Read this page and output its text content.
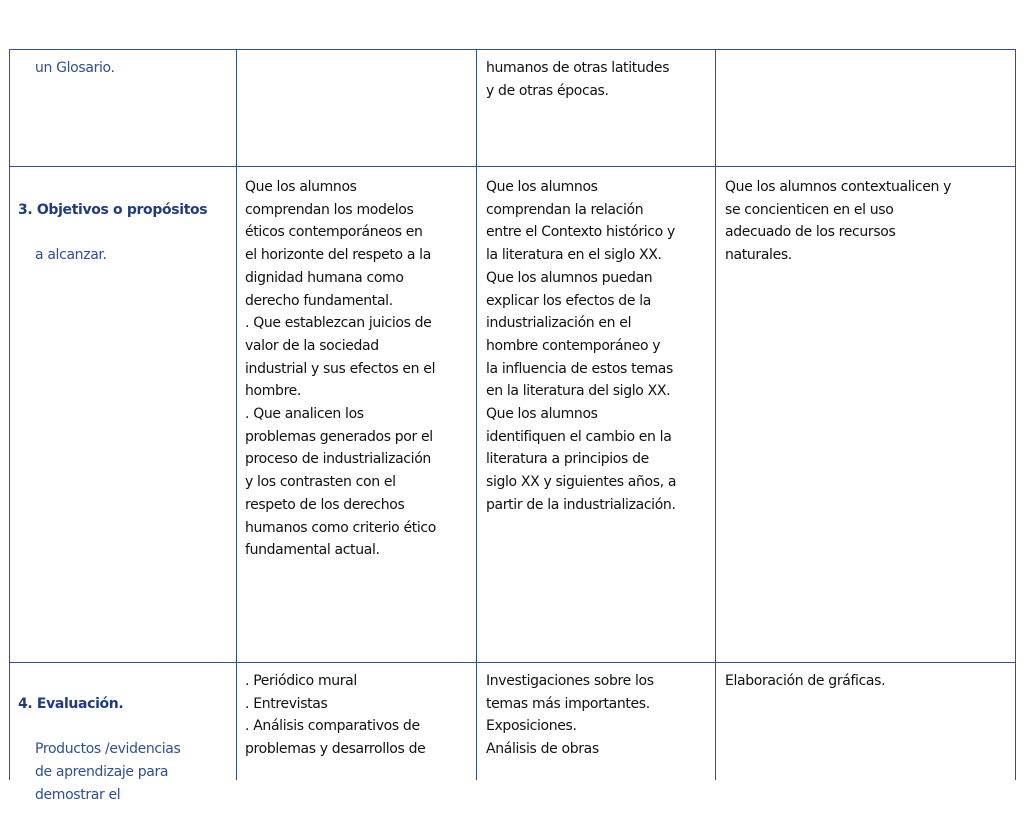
un Glosario.	humanos de otras latitudes
y de otras épocas.

3. Objetivos o propósitos

a alcanzar.

Que los alumnos
comprendan los modelos
éticos contemporáneos en
el horizonte del respeto a la
dignidad humana como
derecho fundamental.
. Que establezcan juicios de
valor de la sociedad
industrial y sus efectos en el
hombre.
. Que analicen los
problemas generados por el
proceso de industrialización
y los contrasten con el
respeto de los derechos
humanos como criterio ético
fundamental actual.
Que los alumnos
comprendan la relación
entre el Contexto histórico y
la literatura en el siglo XX.
Que los alumnos puedan
explicar los efectos de la
industrialización en el
hombre contemporáneo y
la influencia de estos temas
en la literatura del siglo XX.
Que los alumnos
identifiquen el cambio en la
literatura a principios de
siglo XX y siguientes años, a
partir de la industrialización.
Que los alumnos contextualicen y
se concienticen en el uso
adecuado de los recursos
naturales.

4. Evaluación.

Productos /evidencias
de aprendizaje para
demostrar el

. Periódico mural
. Entrevistas
. Análisis comparativos de
problemas y desarrollos de
Investigaciones sobre los
temas más importantes.
Exposiciones.
Análisis de obras
Elaboración de gráficas.
